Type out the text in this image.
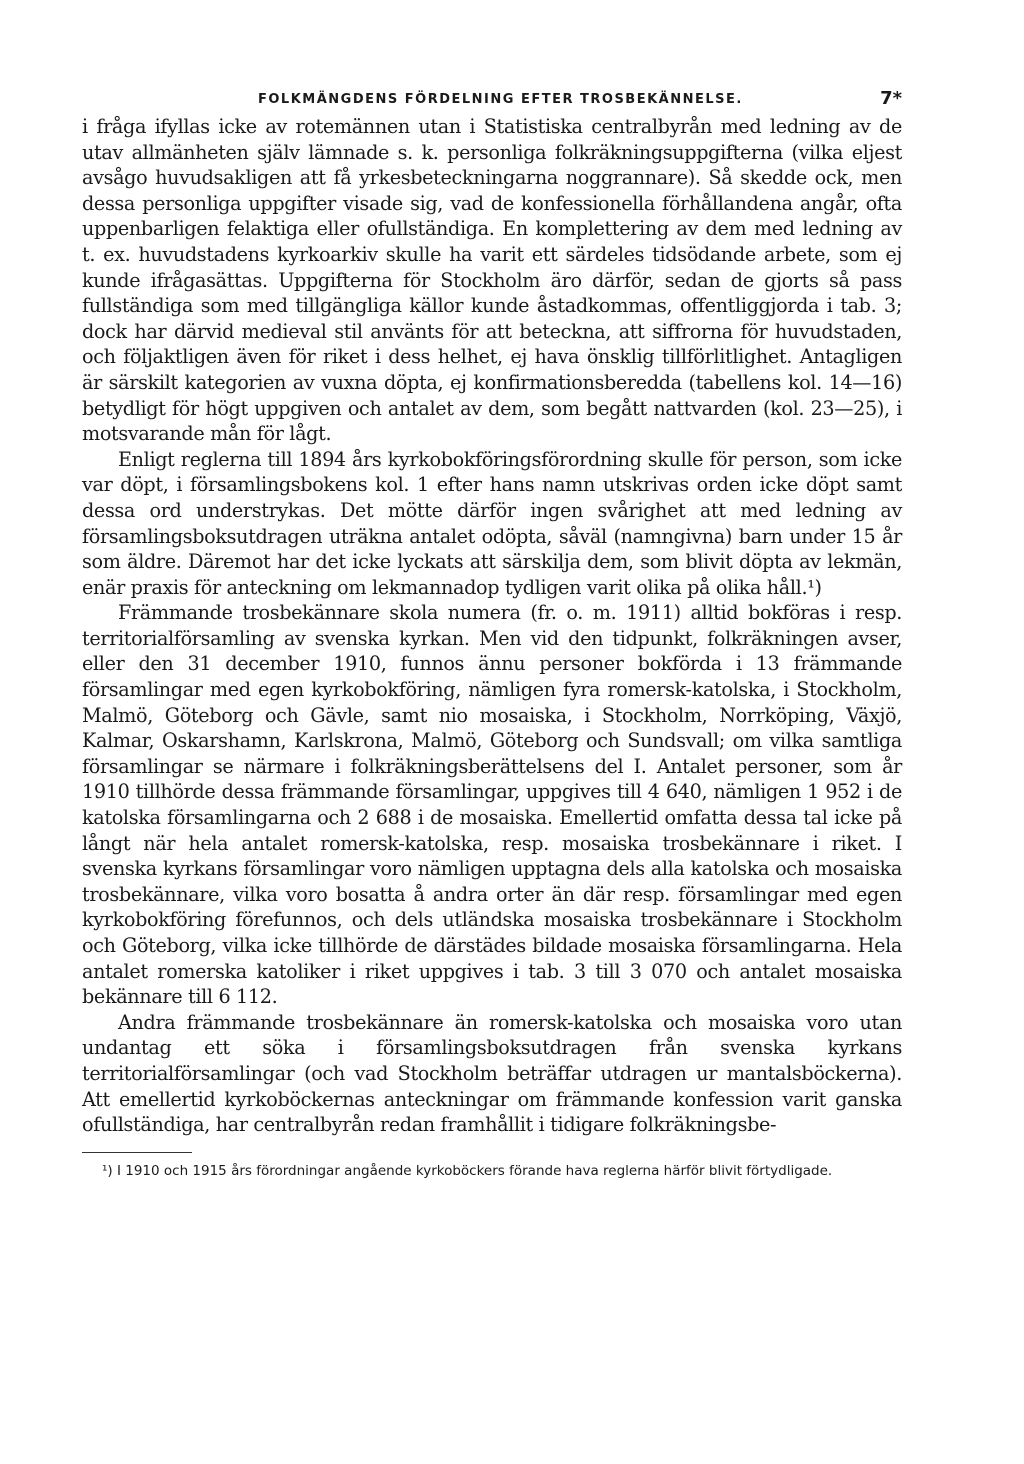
FOLKMÄNGDENS FÖRDELNING EFTER TROSBEKÄNNELSE.	7*

i fråga ifyllas icke av rotemännen utan i Statistiska centralbyrån med ledning av de utav allmänheten själv lämnade s. k. personliga folkräkningsuppgifterna (vilka eljest avsågo huvudsakligen att få yrkesbeteckningarna noggrannare). Så skedde ock, men dessa personliga uppgifter visade sig, vad de konfessionella förhållandena angår, ofta uppenbarligen felaktiga eller ofullständiga. En komplettering av dem med ledning av t. ex. huvudstadens kyrkoarkiv skulle ha varit ett särdeles tidsödande arbete, som ej kunde ifrågasättas. Uppgifterna för Stockholm äro därför, sedan de gjorts så pass fullständiga som med tillgängliga källor kunde åstadkommas, offentliggjorda i tab. 3; dock har därvid medieval stil använts för att beteckna, att siffrorna för huvudstaden, och följaktligen även för riket i dess helhet, ej hava önsklig tillförlitlighet. Antagligen är särskilt kategorien av vuxna döpta, ej konfirmationsberedda (tabellens kol. 14—16) betydligt för högt uppgiven och antalet av dem, som begått nattvarden (kol. 23—25), i motsvarande mån för lågt.

Enligt reglerna till 1894 års kyrkobokföringsförordning skulle för person, som icke var döpt, i församlingsbokens kol. 1 efter hans namn utskrivas orden icke döpt samt dessa ord understrykas. Det mötte därför ingen svårighet att med ledning av församlingsboksutdragen uträkna antalet odöpta, såväl (namngivna) barn under 15 år som äldre. Däremot har det icke lyckats att särskilja dem, som blivit döpta av lekmän, enär praxis för anteckning om lekmannadop tydligen varit olika på olika håll.¹)

Främmande trosbekännare skola numera (fr. o. m. 1911) alltid bokföras i resp. territorialförsamling av svenska kyrkan. Men vid den tidpunkt, folkräkningen avser, eller den 31 december 1910, funnos ännu personer bokförda i 13 främmande församlingar med egen kyrkobokföring, nämligen fyra romersk-katolska, i Stockholm, Malmö, Göteborg och Gävle, samt nio mosaiska, i Stockholm, Norrköping, Växjö, Kalmar, Oskarshamn, Karlskrona, Malmö, Göteborg och Sundsvall; om vilka samtliga församlingar se närmare i folkräkningsberättelsens del I. Antalet personer, som år 1910 tillhörde dessa främmande församlingar, uppgives till 4 640, nämligen 1 952 i de katolska församlingarna och 2 688 i de mosaiska. Emellertid omfatta dessa tal icke på långt när hela antalet romersk-katolska, resp. mosaiska trosbekännare i riket. I svenska kyrkans församlingar voro nämligen upptagna dels alla katolska och mosaiska trosbekännare, vilka voro bosatta å andra orter än där resp. församlingar med egen kyrkobokföring förefunnos, och dels utländska mosaiska trosbekännare i Stockholm och Göteborg, vilka icke tillhörde de därstädes bildade mosaiska församlingarna. Hela antalet romerska katoliker i riket uppgives i tab. 3 till 3 070 och antalet mosaiska bekännare till 6 112.

Andra främmande trosbekännare än romersk-katolska och mosaiska voro utan undantag ett söka i församlingsboksutdragen från svenska kyrkans territorialförsamlingar (och vad Stockholm beträffar utdragen ur mantalsböckerna). Att emellertid kyrkoböckernas anteckningar om främmande konfession varit ganska ofullständiga, har centralbyrån redan framhållit i tidigare folkräkningsbe-

¹) I 1910 och 1915 års förordningar angående kyrkoböckers förande hava reglerna härför blivit förtydligade.
